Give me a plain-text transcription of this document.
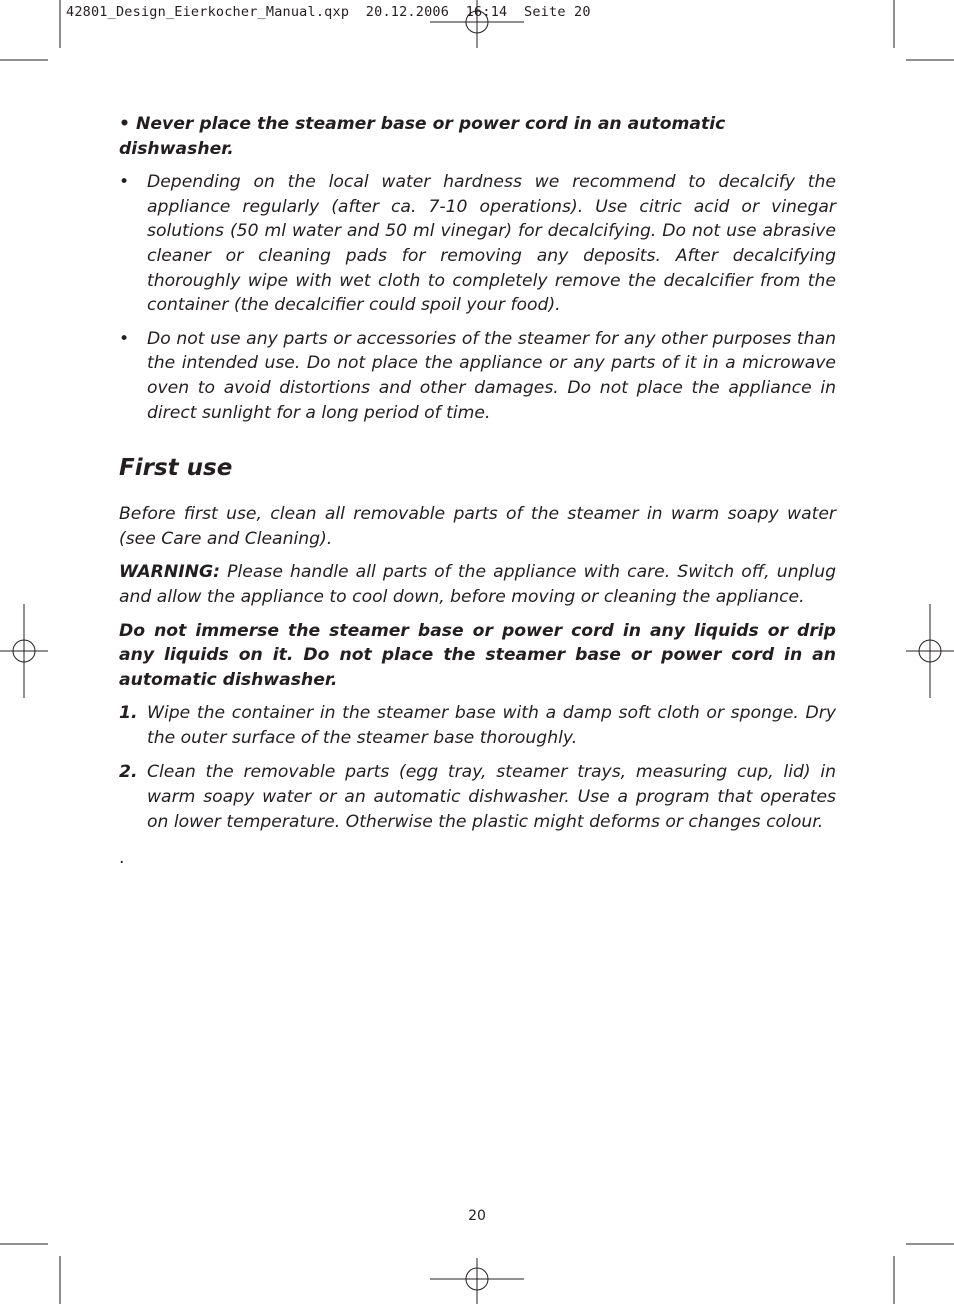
42801_Design_Eierkocher_Manual.qxp  20.12.2006  16:14  Seite 20

• Never place the steamer base or power cord in an automatic dishwasher.

• Depending on the local water hardness we recommend to decalcify the appliance regularly (after ca. 7-10 operations). Use citric acid or vinegar solutions (50 ml water and 50 ml vinegar) for decalcifying. Do not use abrasive cleaner or cleaning pads for removing any deposits. After decalcifying thoroughly wipe with wet cloth to completely remove the decalcifier from the container (the decalcifier could spoil your food).

• Do not use any parts or accessories of the steamer for any other purposes than the intended use. Do not place the appliance or any parts of it in a microwave oven to avoid distortions and other damages. Do not place the appliance in direct sunlight for a long period of time.

First use

Before first use, clean all removable parts of the steamer in warm soapy water (see Care and Cleaning).

WARNING: Please handle all parts of the appliance with care. Switch off, unplug and allow the appliance to cool down, before moving or cleaning the appliance.

Do not immerse the steamer base or power cord in any liquids or drip any liquids on it. Do not place the steamer base or power cord in an automatic dishwasher.

1. Wipe the container in the steamer base with a damp soft cloth or sponge. Dry the outer surface of the steamer base thoroughly.

2. Clean the removable parts (egg tray, steamer trays, measuring cup, lid) in warm soapy water or an automatic dishwasher. Use a program that operates on lower temperature. Otherwise the plastic might deforms or changes colour.

.
20
